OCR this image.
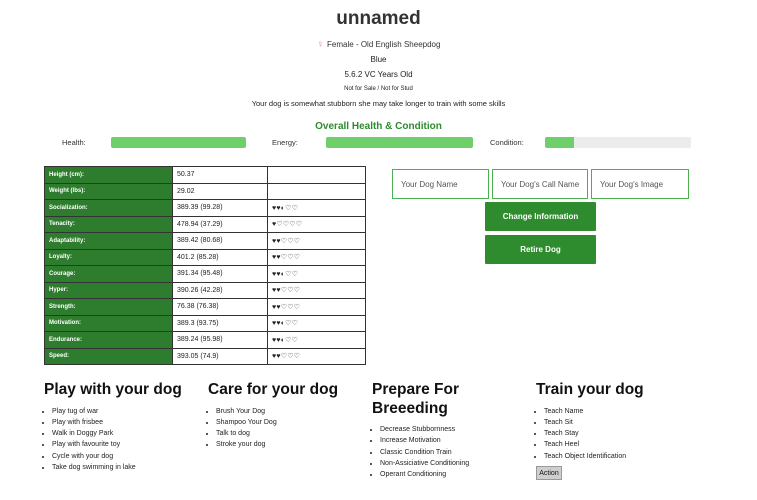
unnamed
♀ Female - Old English Sheepdog
Blue
5.6.2 VC Years Old
Not for Sale / Not for Stud
Your dog is somewhat stubborn she may take longer to train with some skills
Overall Health & Condition
Health:	Energy:	Condition:
Height (cm):	50.37	
Weight (lbs):	29.02	
Socialization:	389.39 (99.28)	♥♥◐♡♡
Tenacity:	478.94 (37.29)	♥♡♡♡♡
Adaptability:	389.42 (80.68)	♥♥♡♡♡
Loyalty:	401.2 (85.28)	♥♥♡♡♡
Courage:	391.34 (95.48)	♥♥◐♡♡
Hyper:	390.26 (42.28)	♥♥♡♡♡
Strength:	76.38 (76.38)	♥♥♡♡♡
Motivation:	389.3 (93.75)	♥♥◐♡♡
Endurance:	389.24 (95.98)	♥♥◐♡♡
Speed:	393.05 (74.9)	♥♥♡♡♡
Your Dog Name
Your Dog's Call Name
Your Dog's Image
Change Information
Retire Dog
Play with your dog
• Play tug of war
• Play with frisbee
• Walk in Doggy Park
• Play with favourite toy
• Cycle with your dog
• Take dog swimming in lake
Care for your dog
• Brush Your Dog
• Shampoo Your Dog
• Talk to dog
• Stroke your dog
Prepare For Breeeding
• Decrease Stubbornness
• Increase Motivation
• Classic Condition Train
• Non-Assiciative Conditioning
• Operant Conditioning
Train your dog
• Teach Name
• Teach Sit
• Teach Stay
• Teach Heel
• Teach Object Identification
Action
